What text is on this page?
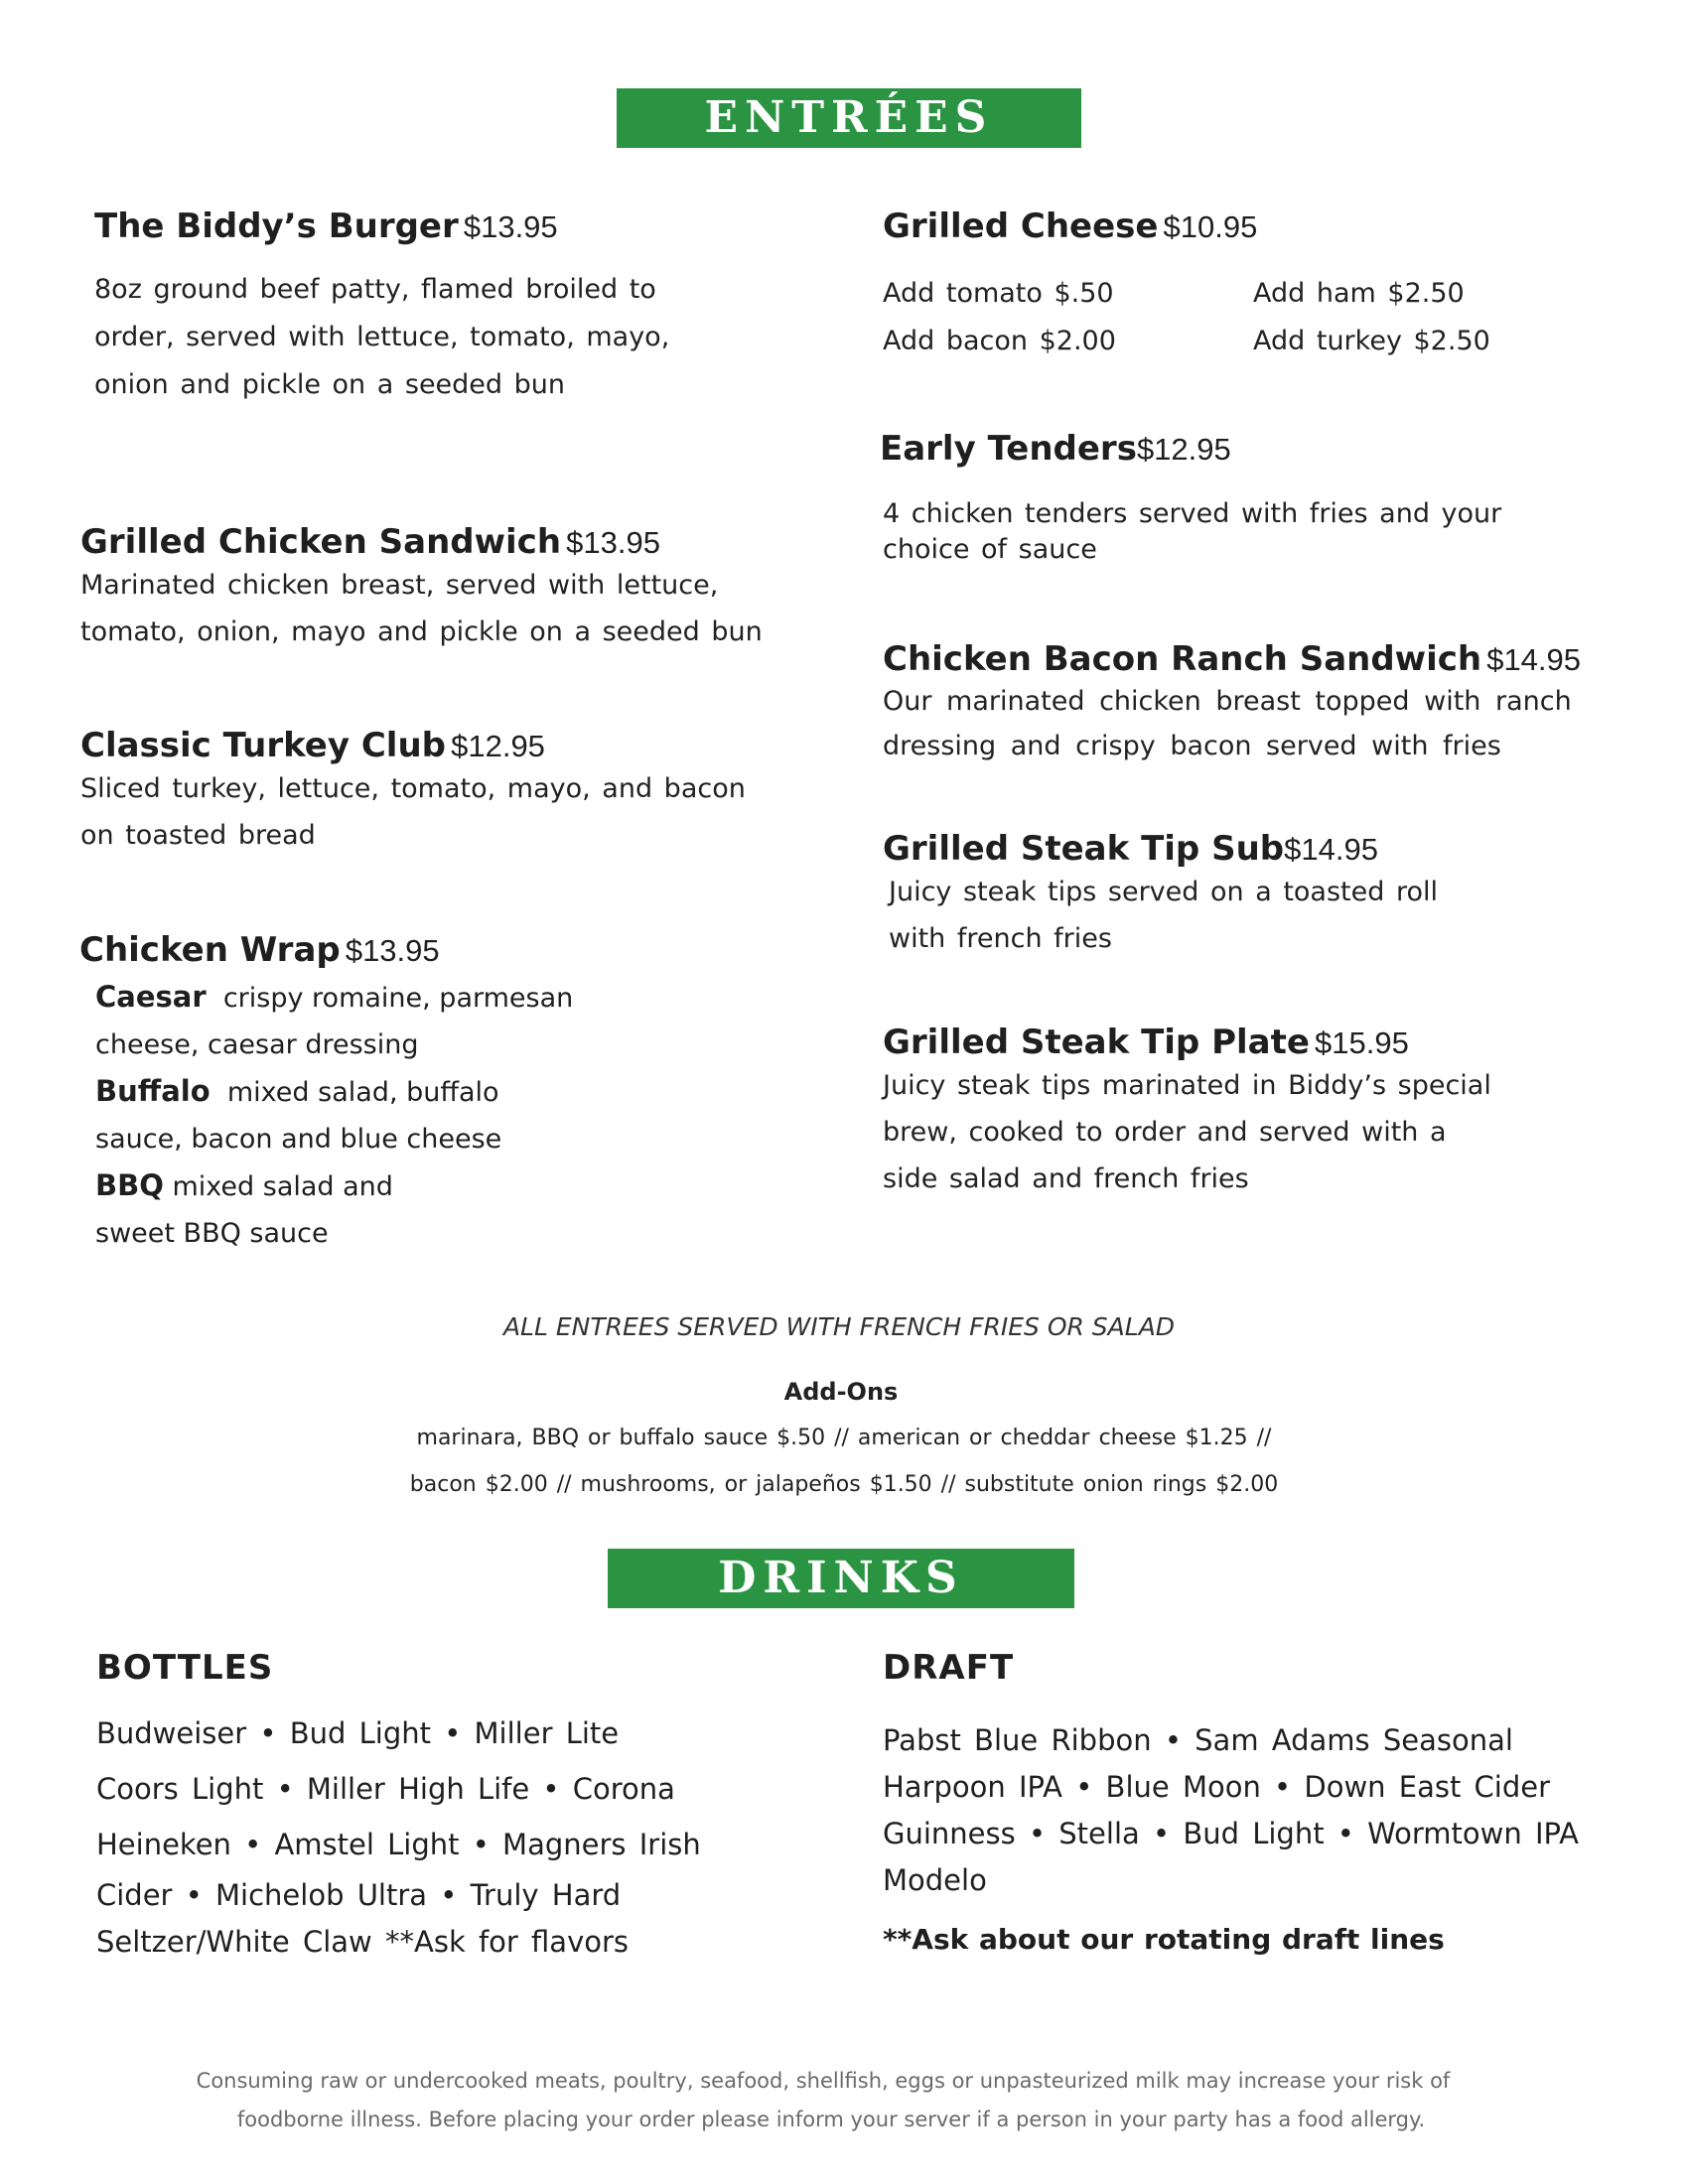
ENTRÉES

The Biddy’s Burger $13.95

8oz ground beef patty, flamed broiled to

order, served with lettuce, tomato, mayo,

onion and pickle on a seeded bun

Grilled Chicken Sandwich $13.95

Marinated chicken breast, served with lettuce,

tomato, onion, mayo and pickle on a seeded bun

Classic Turkey Club $12.95

Sliced turkey, lettuce, tomato, mayo, and bacon

on toasted bread

Chicken Wrap $13.95

Caesar crispy romaine, parmesan

cheese, caesar dressing

Buffalo mixed salad, buffalo

sauce, bacon and blue cheese

BBQ mixed salad and

sweet BBQ sauce

Grilled Cheese $10.95

Add tomato $.50	Add ham $2.50

Add bacon $2.00	Add turkey $2.50

Early Tenders$12.95

4 chicken tenders served with fries and your

choice of sauce

Chicken Bacon Ranch Sandwich $14.95

Our marinated chicken breast topped with ranch

dressing and crispy bacon served with fries

Grilled Steak Tip Sub$14.95

Juicy steak tips served on a toasted roll

with french fries

Grilled Steak Tip Plate $15.95

Juicy steak tips marinated in Biddy’s special

brew, cooked to order and served with a

side salad and french fries

ALL ENTREES SERVED WITH FRENCH FRIES OR SALAD
Add-Ons
marinara, BBQ or buffalo sauce $.50 // american or cheddar cheese $1.25 //
bacon $2.00 // mushrooms, or jalapeños $1.50 // substitute onion rings $2.00
DRINKS

BOTTLES

Budweiser • Bud Light • Miller Lite

Coors Light • Miller High Life • Corona

Heineken • Amstel Light • Magners Irish

Cider • Michelob Ultra • Truly Hard

Seltzer/White Claw **Ask for flavors

DRAFT

Pabst Blue Ribbon • Sam Adams Seasonal

Harpoon IPA • Blue Moon • Down East Cider

Guinness • Stella • Bud Light • Wormtown IPA

Modelo

**Ask about our rotating draft lines

Consuming raw or undercooked meats, poultry, seafood, shellfish, eggs or unpasteurized milk may increase your risk of
foodborne illness. Before placing your order please inform your server if a person in your party has a food allergy.
